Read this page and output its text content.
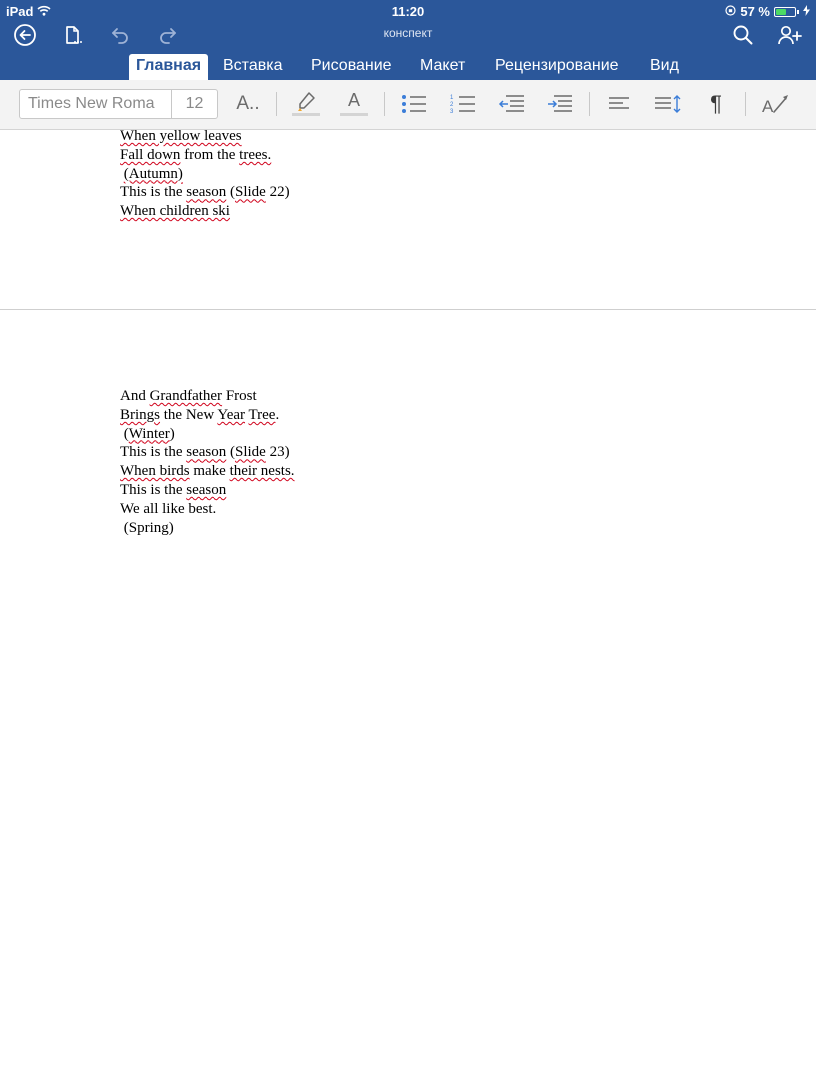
iPad	11:20	57 %
конспект
Главная	Вставка	Рисование	Макет	Рецензирование	Вид
Times New Roma	12	A..	A	1
2
3	¶ A
When yellow leaves
Fall down from the trees.
(Autumn)
This is the season (Slide 22)
When children ski
And Grandfather Frost
Brings the New Year Tree.
(Winter)
This is the season (Slide 23)
When birds make their nests.
This is the season
We all like best.
(Spring)
